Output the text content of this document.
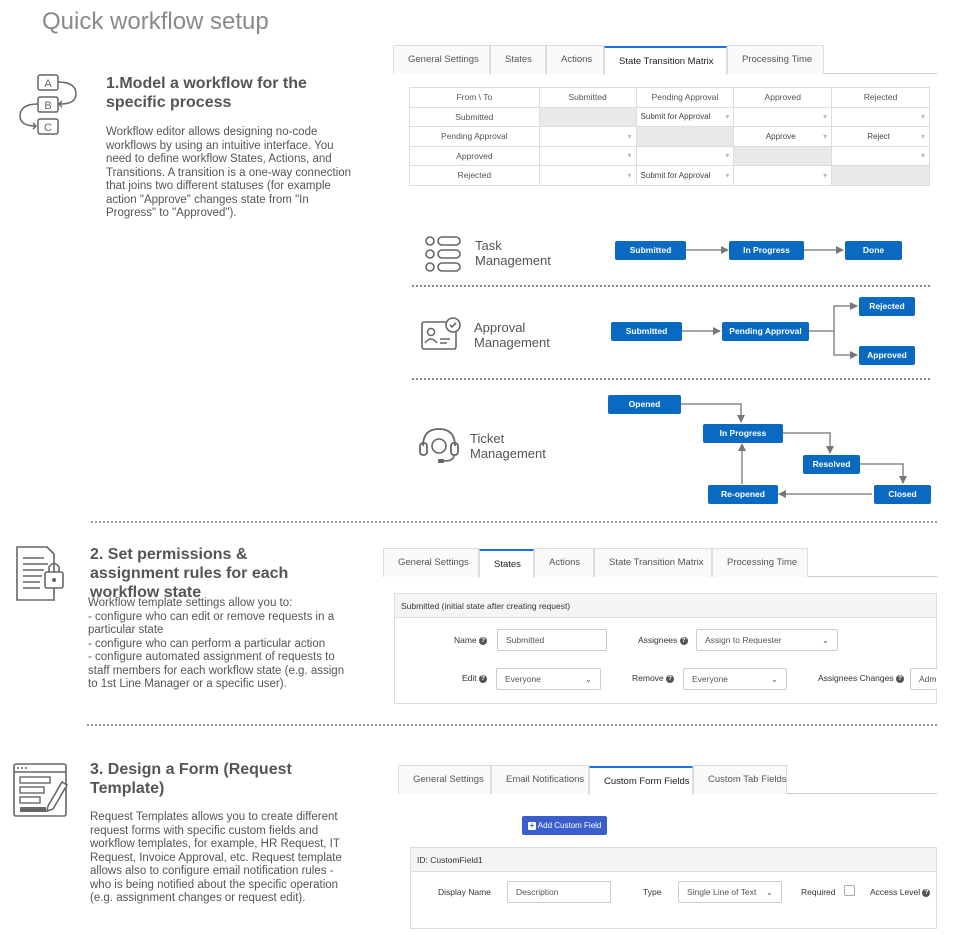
Quick workflow setup
A
B
C
1.Model a workflow for the specific process
Workflow editor allows designing no-code workflows by using an intuitive interface. You need to define workflow States, Actions, and Transitions. A transition is a one-way connection that joins two different statuses (for example action "Approve" changes state from "In Progress" to "Approved").
General Settings	States	Actions	State Transition Matrix	Processing Time
From \ To	Submitted	Pending Approval	Approved	Rejected
Submitted		Submit for Approval ▾	▾	▾

Pending Approval	▾		Approve ▾	Reject ▾

Approved	▾	▾		▾

Rejected	▾	Submit for Approval ▾	▾	

Task
Management
Submitted	In Progress	Done
Approval
Management
Submitted	Pending Approval
Rejected
Approved
Ticket
Management
Opened
In Progress
Resolved
Closed
Re-opened
2. Set permissions & assignment rules for each workflow state
Workflow template settings allow you to:
- configure who can edit or remove requests in a particular state
- configure who can perform a particular action
- configure automated assignment of requests to staff members for each workflow state (e.g. assign to 1st Line Manager or a specific user).
General Settings	States	Actions	State Transition Matrix	Processing Time
Submitted (initial state after creating request)
Name ? Submitted	Assignees ? Assign to Requester	⌄
Edit ? Everyone	⌄	Remove ? Everyone	⌄	Assignees Changes ? Adm
3. Design a Form (Request Template)
Request Templates allows you to create different request forms with specific custom fields and workflow templates, for example, HR Request, IT Request, Invoice Approval, etc. Request template allows also to configure email notification rules - who is being notified about the specific operation (e.g. assignment changes or request edit).
General Settings	Email Notifications	Custom Form Fields	Custom Tab Fields
+ Add Custom Field
ID: CustomField1
Display Name	Description	Type	Single Line of Text ⌄	Required	Access Level ?
